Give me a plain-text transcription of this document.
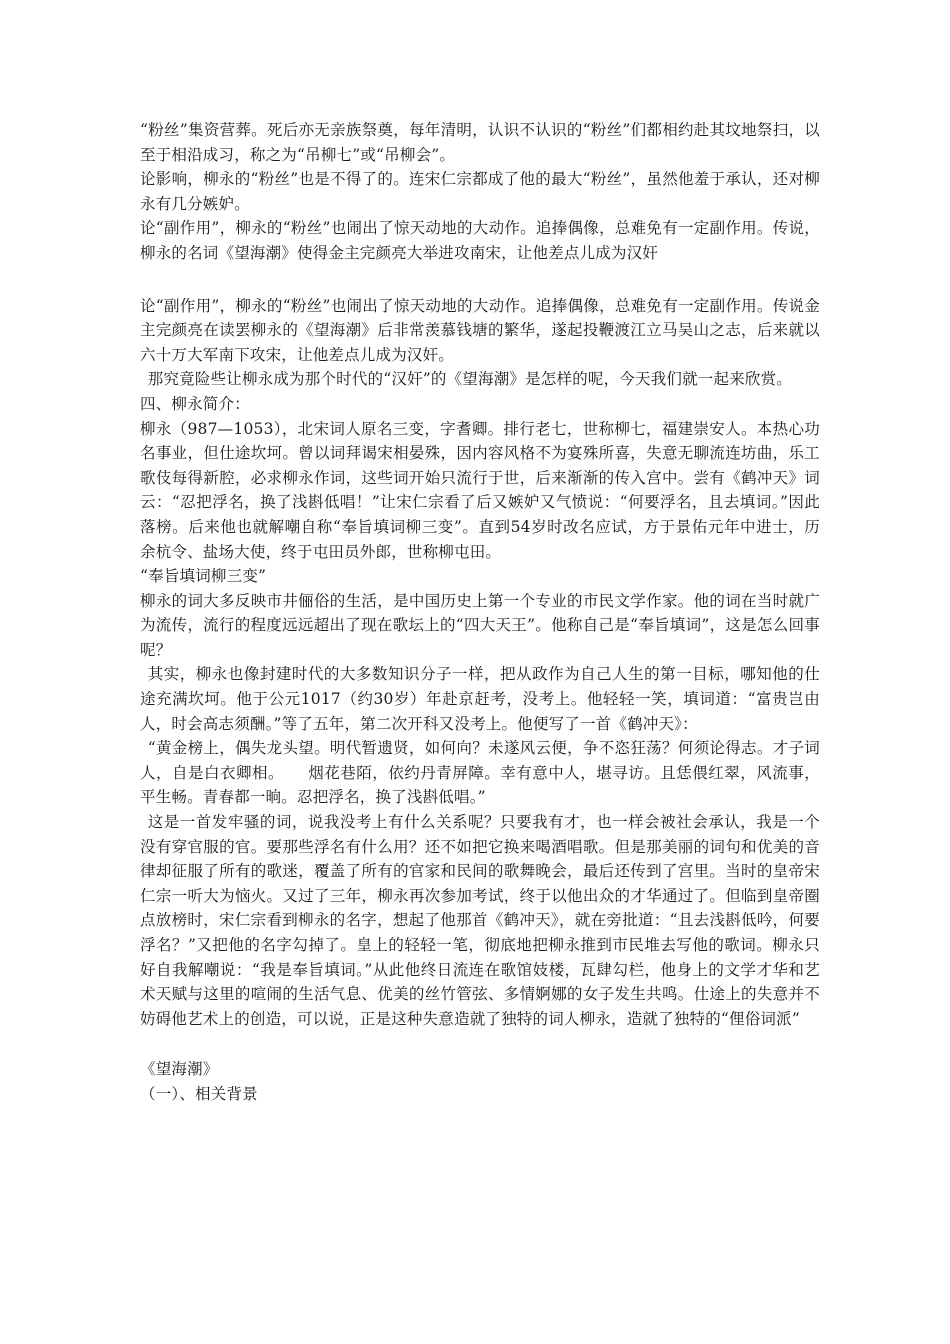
“粉丝”集资营葬。死后亦无亲族祭奠，每年清明，认识不认识的“粉丝”们都相约赴其坟地祭扫，以至于相沿成习，称之为“吊柳七”或“吊柳会”。

论影响，柳永的“粉丝”也是不得了的。连宋仁宗都成了他的最大“粉丝”，虽然他羞于承认，还对柳永有几分嫉妒。

论“副作用”，柳永的“粉丝”也闹出了惊天动地的大动作。追捧偶像，总难免有一定副作用。传说，柳永的名词《望海潮》使得金主完颜亮大举进攻南宋，让他差点儿成为汉奸

论“副作用”，柳永的“粉丝”也闹出了惊天动地的大动作。追捧偶像，总难免有一定副作用。传说金主完颜亮在读罢柳永的《望海潮》后非常羡慕钱塘的繁华，遂起投鞭渡江立马吴山之志，后来就以六十万大军南下攻宋，让他差点儿成为汉奸。

那究竟险些让柳永成为那个时代的“汉奸”的《望海潮》是怎样的呢，今天我们就一起来欣赏。

四、柳永简介：

柳永（987—1053），北宋词人原名三变，字耆卿。排行老七，世称柳七，福建崇安人。本热心功名事业，但仕途坎坷。曾以词拜谒宋相晏殊，因内容风格不为宴殊所喜，失意无聊流连坊曲，乐工歌伎每得新腔，必求柳永作词，这些词开始只流行于世，后来渐渐的传入宫中。尝有《鹤冲天》词云：“忍把浮名，换了浅斟低唱！”让宋仁宗看了后又嫉妒又气愤说：“何要浮名，且去填词。”因此落榜。后来他也就解嘲自称“奉旨填词柳三变”。直到54岁时改名应试，方于景佑元年中进士，历余杭令、盐场大使，终于屯田员外郎，世称柳屯田。

“奉旨填词柳三变”

柳永的词大多反映市井俪俗的生活，是中国历史上第一个专业的市民文学作家。他的词在当时就广为流传，流行的程度远远超出了现在歌坛上的“四大天王”。他称自己是“奉旨填词”，这是怎么回事呢？

其实，柳永也像封建时代的大多数知识分子一样，把从政作为自己人生的第一目标，哪知他的仕途充满坎坷。他于公元1017（约30岁）年赴京赶考，没考上。他轻轻一笑，填词道：“富贵岂由人，时会高志须酬。”等了五年，第二次开科又没考上。他便写了一首《鹤冲天》：

“黄金榜上，偶失龙头望。明代暂遗贤，如何向？未遂风云便，争不恣狂荡？何须论得志。才子词人，自是白衣卿相。　　烟花巷陌，依约丹青屏障。幸有意中人，堪寻访。且恁偎红翠，风流事，平生畅。青春都一晌。忍把浮名，换了浅斟低唱。”

这是一首发牢骚的词，说我没考上有什么关系呢？只要我有才，也一样会被社会承认，我是一个没有穿官服的官。要那些浮名有什么用？还不如把它换来喝酒唱歌。但是那美丽的词句和优美的音律却征服了所有的歌迷，覆盖了所有的官家和民间的歌舞晚会，最后还传到了宫里。当时的皇帝宋仁宗一听大为恼火。又过了三年，柳永再次参加考试，终于以他出众的才华通过了。但临到皇帝圈点放榜时，宋仁宗看到柳永的名字，想起了他那首《鹤冲天》，就在旁批道：“且去浅斟低吟，何要浮名？”又把他的名字勾掉了。皇上的轻轻一笔，彻底地把柳永推到市民堆去写他的歌词。柳永只好自我解嘲说：“我是奉旨填词。”从此他终日流连在歌馆妓楼，瓦肆勾栏，他身上的文学才华和艺术天赋与这里的喧闹的生活气息、优美的丝竹管弦、多情婀娜的女子发生共鸣。仕途上的失意并不妨碍他艺术上的创造，可以说，正是这种失意造就了独特的词人柳永，造就了独特的“俚俗词派”

《望海潮》

（一）、相关背景
